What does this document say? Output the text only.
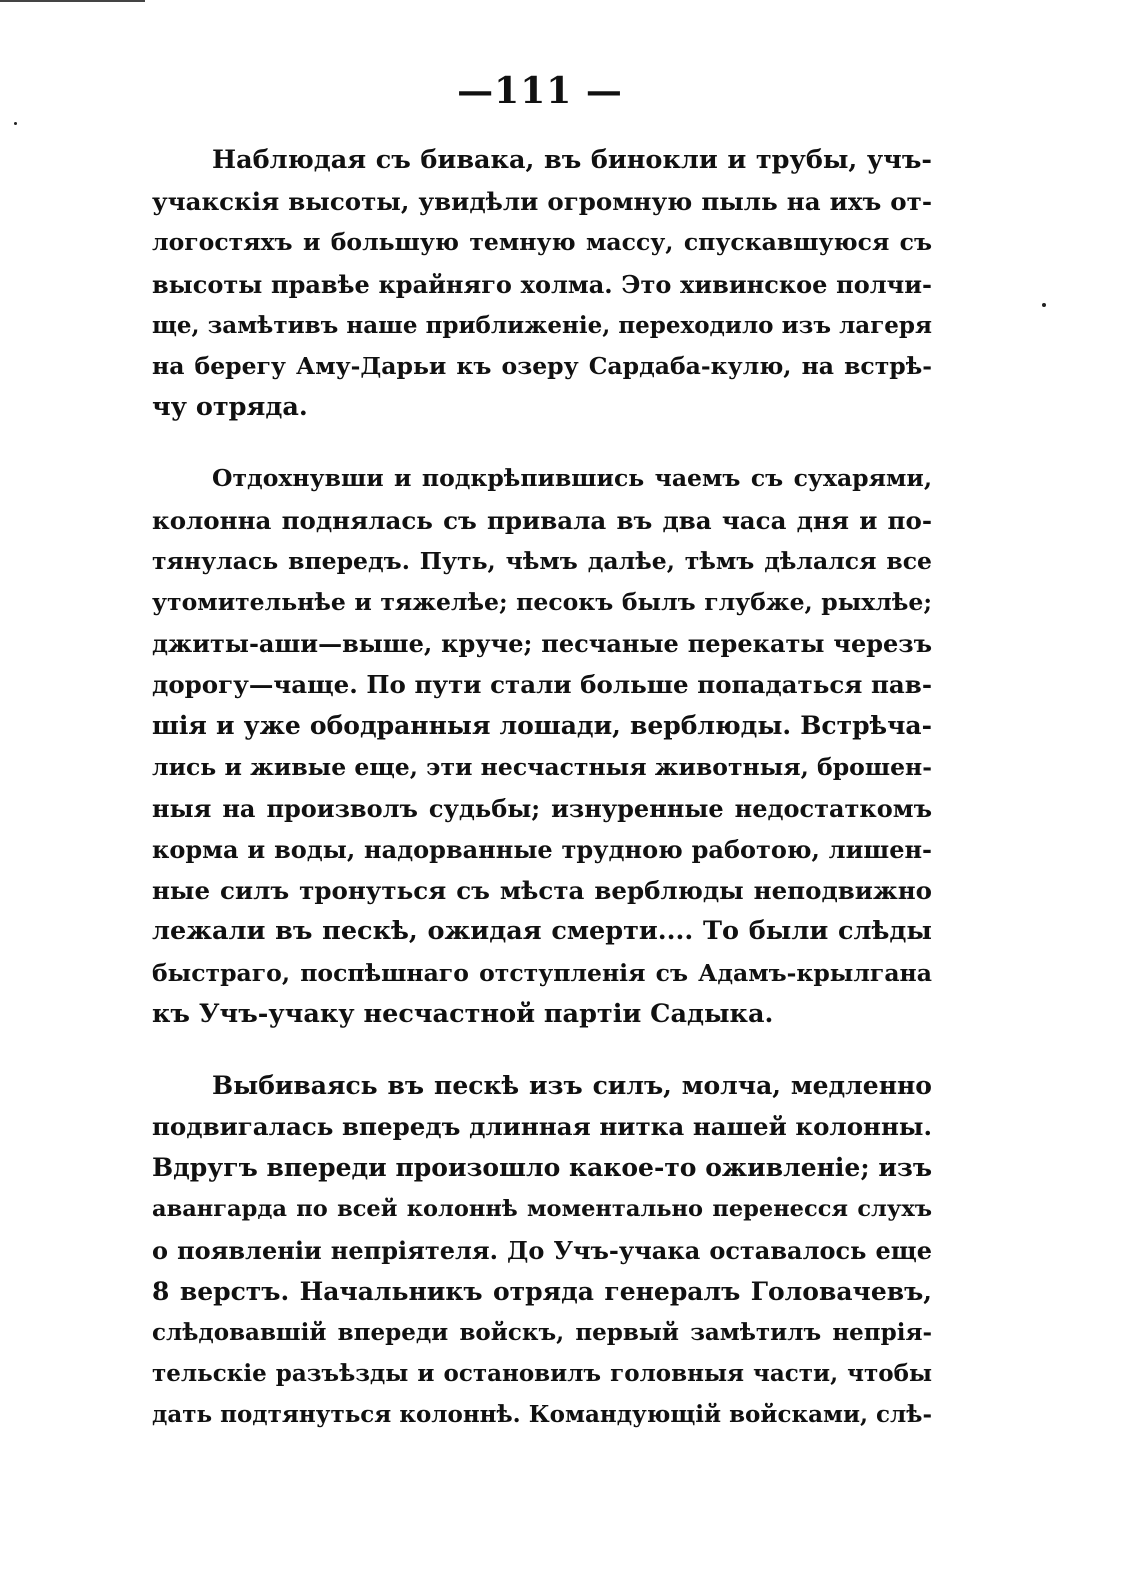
—111 —
Наблюдая съ бивака, въ бинокли и трубы, учъ-
учакскія высоты, увидѣли огромную пыль на ихъ от-
логостяхъ и большую темную массу, спускавшуюся съ
высоты правѣе крайняго холма. Это хивинское полчи-
ще, замѣтивъ наше приближеніе, переходило изъ лагеря
на берегу Аму-Дарьи къ озеру Сардаба-кулю, на встрѣ-
чу отряда.
Отдохнувши и подкрѣпившись чаемъ съ сухарями,
колонна поднялась съ привала въ два часа дня и по-
тянулась впередъ. Путь, чѣмъ далѣе, тѣмъ дѣлался все
утомительнѣе и тяжелѣе; песокъ былъ глубже, рыхлѣе;
джиты-аши—выше, круче; песчаные перекаты черезъ
дорогу—чаще. По пути стали больше попадаться пав-
шія и уже ободранныя лошади, верблюды. Встрѣча-
лись и живые еще, эти несчастныя животныя, брошен-
ныя на произволъ судьбы; изнуренные недостаткомъ
корма и воды, надорванные трудною работою, лишен-
ные силъ тронуться съ мѣста верблюды неподвижно
лежали въ пескѣ, ожидая смерти.... То были слѣды
быстраго, поспѣшнаго отступленія съ Адамъ-крылгана
къ Учъ-учаку несчастной партіи Садыка.
Выбиваясь въ пескѣ изъ силъ, молча, медленно
подвигалась впередъ длинная нитка нашей колонны.
Вдругъ впереди произошло какое-то оживленіе; изъ
авангарда по всей колоннѣ моментально перенесся слухъ
о появленіи непріятеля. До Учъ-учака оставалось еще
8 верстъ. Начальникъ отряда генералъ Головачевъ,
слѣдовавшій впереди войскъ, первый замѣтилъ непрія-
тельскіе разъѣзды и остановилъ головныя части, чтобы
дать подтянуться колоннѣ. Командующій войсками, слѣ-
